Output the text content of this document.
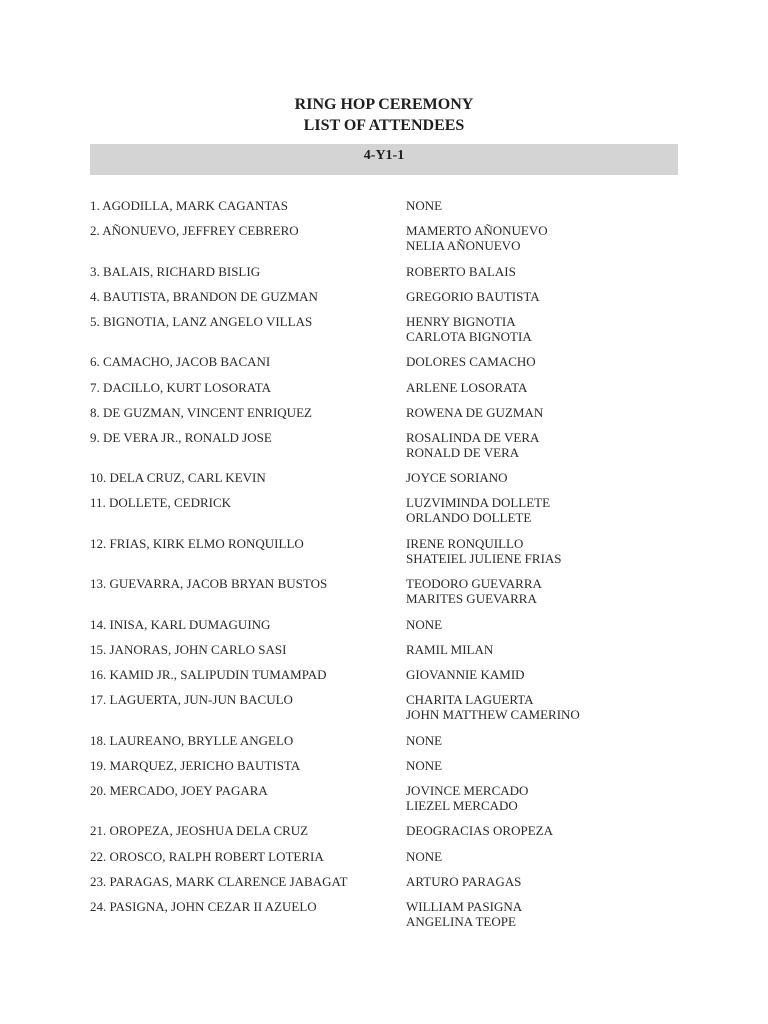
RING HOP CEREMONY
LIST OF ATTENDEES
4-Y1-1
1. AGODILLA, MARK CAGANTAS	NONE
2. AÑONUEVO, JEFFREY CEBRERO	MAMERTO AÑONUEVO
NELIA AÑONUEVO
3. BALAIS, RICHARD BISLIG	ROBERTO BALAIS
4. BAUTISTA, BRANDON DE GUZMAN	GREGORIO BAUTISTA
5. BIGNOTIA, LANZ ANGELO VILLAS	HENRY BIGNOTIA
CARLOTA BIGNOTIA
6. CAMACHO, JACOB BACANI	DOLORES CAMACHO
7. DACILLO, KURT LOSORATA	ARLENE LOSORATA
8. DE GUZMAN, VINCENT ENRIQUEZ	ROWENA DE GUZMAN
9. DE VERA JR., RONALD JOSE	ROSALINDA DE VERA
RONALD DE VERA
10. DELA CRUZ, CARL KEVIN	JOYCE SORIANO
11. DOLLETE, CEDRICK	LUZVIMINDA DOLLETE
ORLANDO DOLLETE
12. FRIAS, KIRK ELMO RONQUILLO	IRENE RONQUILLO
SHATEIEL JULIENE FRIAS
13. GUEVARRA, JACOB BRYAN BUSTOS	TEODORO GUEVARRA
MARITES GUEVARRA
14. INISA, KARL DUMAGUING	NONE
15. JANORAS, JOHN CARLO SASI	RAMIL MILAN
16. KAMID JR., SALIPUDIN TUMAMPAD	GIOVANNIE KAMID
17. LAGUERTA, JUN-JUN BACULO	CHARITA LAGUERTA
JOHN MATTHEW CAMERINO
18. LAUREANO, BRYLLE ANGELO	NONE
19. MARQUEZ, JERICHO BAUTISTA	NONE
20. MERCADO, JOEY PAGARA	JOVINCE MERCADO
LIEZEL MERCADO
21. OROPEZA, JEOSHUA DELA CRUZ	DEOGRACIAS OROPEZA
22. OROSCO, RALPH ROBERT LOTERIA	NONE
23. PARAGAS, MARK CLARENCE JABAGAT	ARTURO PARAGAS
24. PASIGNA, JOHN CEZAR II AZUELO	WILLIAM PASIGNA
ANGELINA TEOPE
